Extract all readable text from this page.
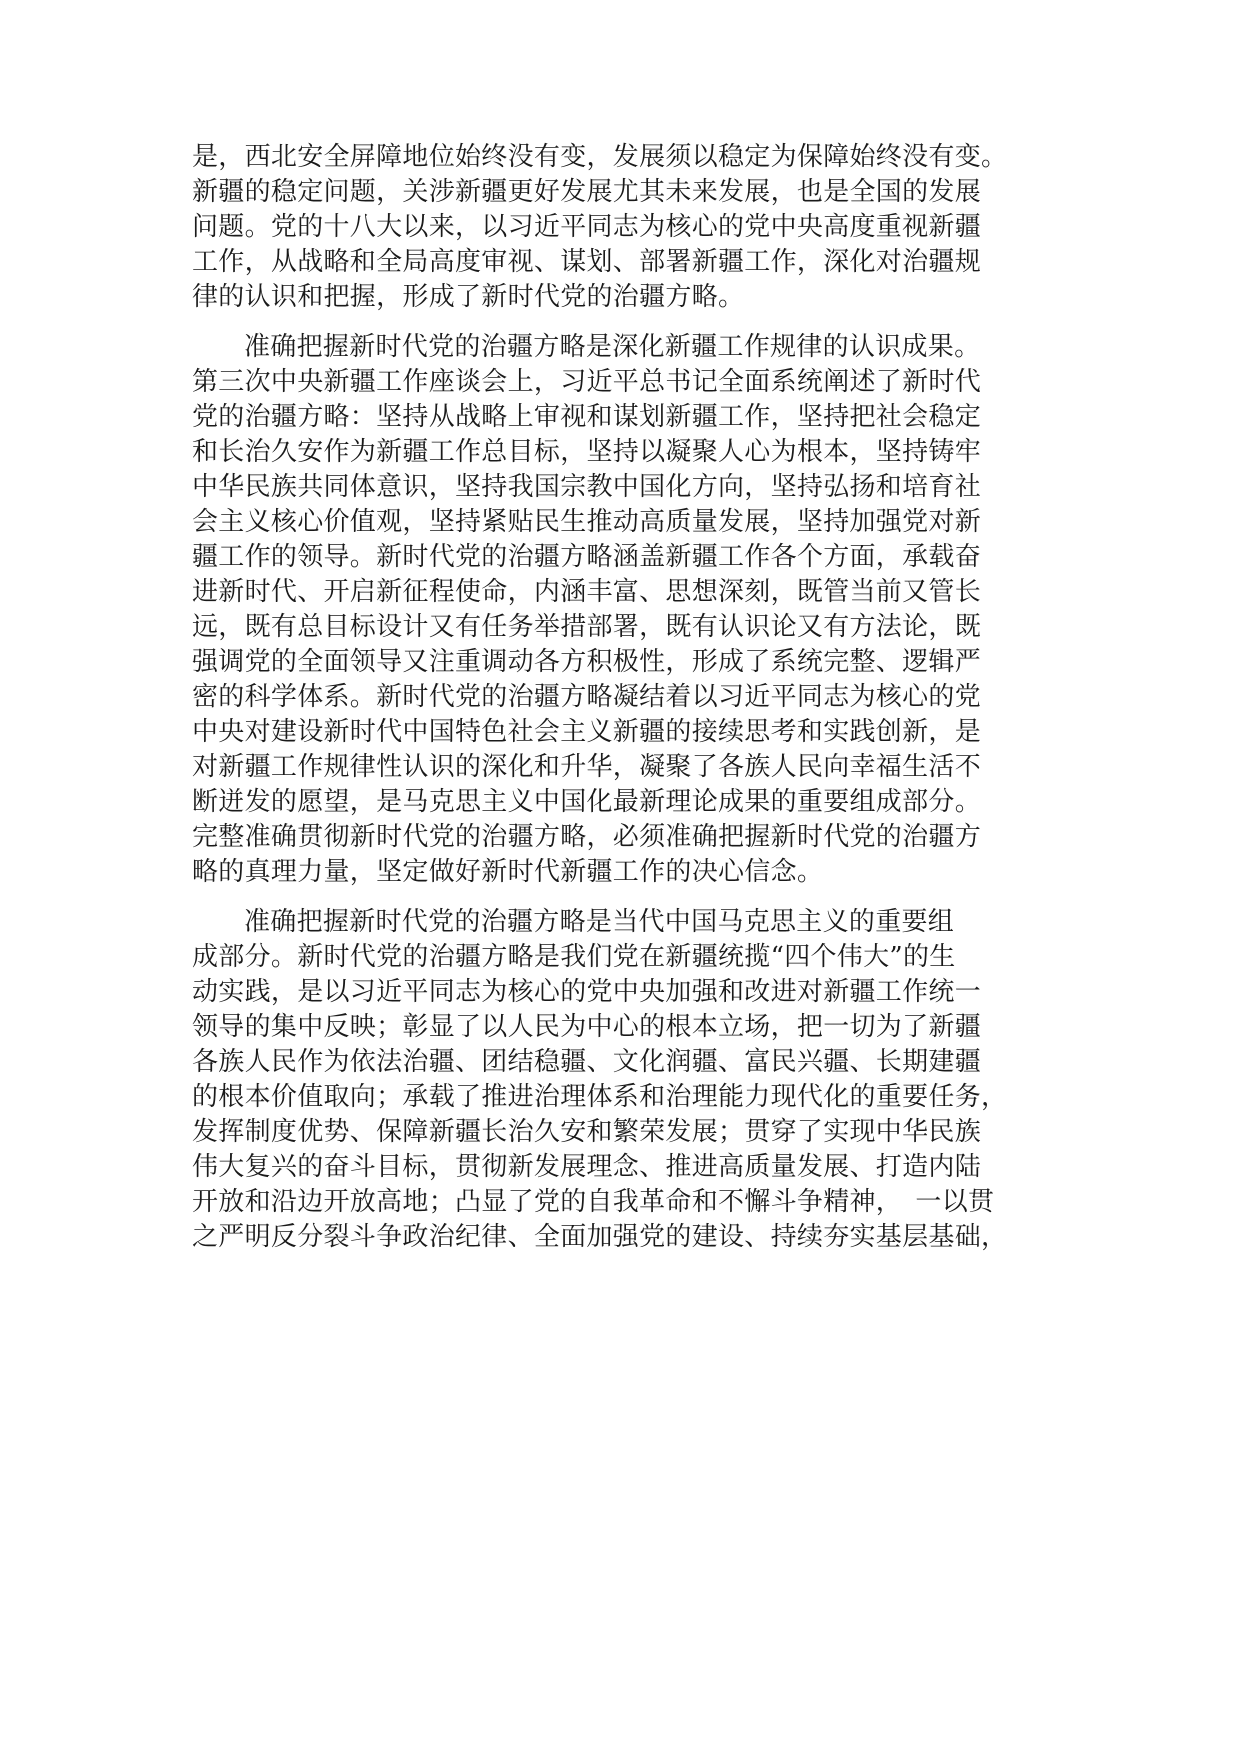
是，西北安全屏障地位始终没有变，发展须以稳定为保障始终没有变。
新疆的稳定问题，关涉新疆更好发展尤其未来发展，也是全国的发展
问题。党的十八大以来，以习近平同志为核心的党中央高度重视新疆
工作，从战略和全局高度审视、谋划、部署新疆工作，深化对治疆规
律的认识和把握，形成了新时代党的治疆方略。
准确把握新时代党的治疆方略是深化新疆工作规律的认识成果。
第三次中央新疆工作座谈会上，习近平总书记全面系统阐述了新时代
党的治疆方略：坚持从战略上审视和谋划新疆工作，坚持把社会稳定
和长治久安作为新疆工作总目标，坚持以凝聚人心为根本，坚持铸牢
中华民族共同体意识，坚持我国宗教中国化方向，坚持弘扬和培育社
会主义核心价值观，坚持紧贴民生推动高质量发展，坚持加强党对新
疆工作的领导。新时代党的治疆方略涵盖新疆工作各个方面，承载奋
进新时代、开启新征程使命，内涵丰富、思想深刻，既管当前又管长
远，既有总目标设计又有任务举措部署，既有认识论又有方法论，既
强调党的全面领导又注重调动各方积极性，形成了系统完整、逻辑严
密的科学体系。新时代党的治疆方略凝结着以习近平同志为核心的党
中央对建设新时代中国特色社会主义新疆的接续思考和实践创新，是
对新疆工作规律性认识的深化和升华，凝聚了各族人民向幸福生活不
断迸发的愿望，是马克思主义中国化最新理论成果的重要组成部分。
完整准确贯彻新时代党的治疆方略，必须准确把握新时代党的治疆方
略的真理力量，坚定做好新时代新疆工作的决心信念。
准确把握新时代党的治疆方略是当代中国马克思主义的重要组
成部分。新时代党的治疆方略是我们党在新疆统揽“四个伟大”的生
动实践，是以习近平同志为核心的党中央加强和改进对新疆工作统一
领导的集中反映；彰显了以人民为中心的根本立场，把一切为了新疆
各族人民作为依法治疆、团结稳疆、文化润疆、富民兴疆、长期建疆
的根本价值取向；承载了推进治理体系和治理能力现代化的重要任务，
发挥制度优势、保障新疆长治久安和繁荣发展；贯穿了实现中华民族
伟大复兴的奋斗目标，贯彻新发展理念、推进高质量发展、打造内陆
开放和沿边开放高地；凸显了党的自我革命和不懈斗争精神，　一以贯
之严明反分裂斗争政治纪律、全面加强党的建设、持续夯实基层基础，
